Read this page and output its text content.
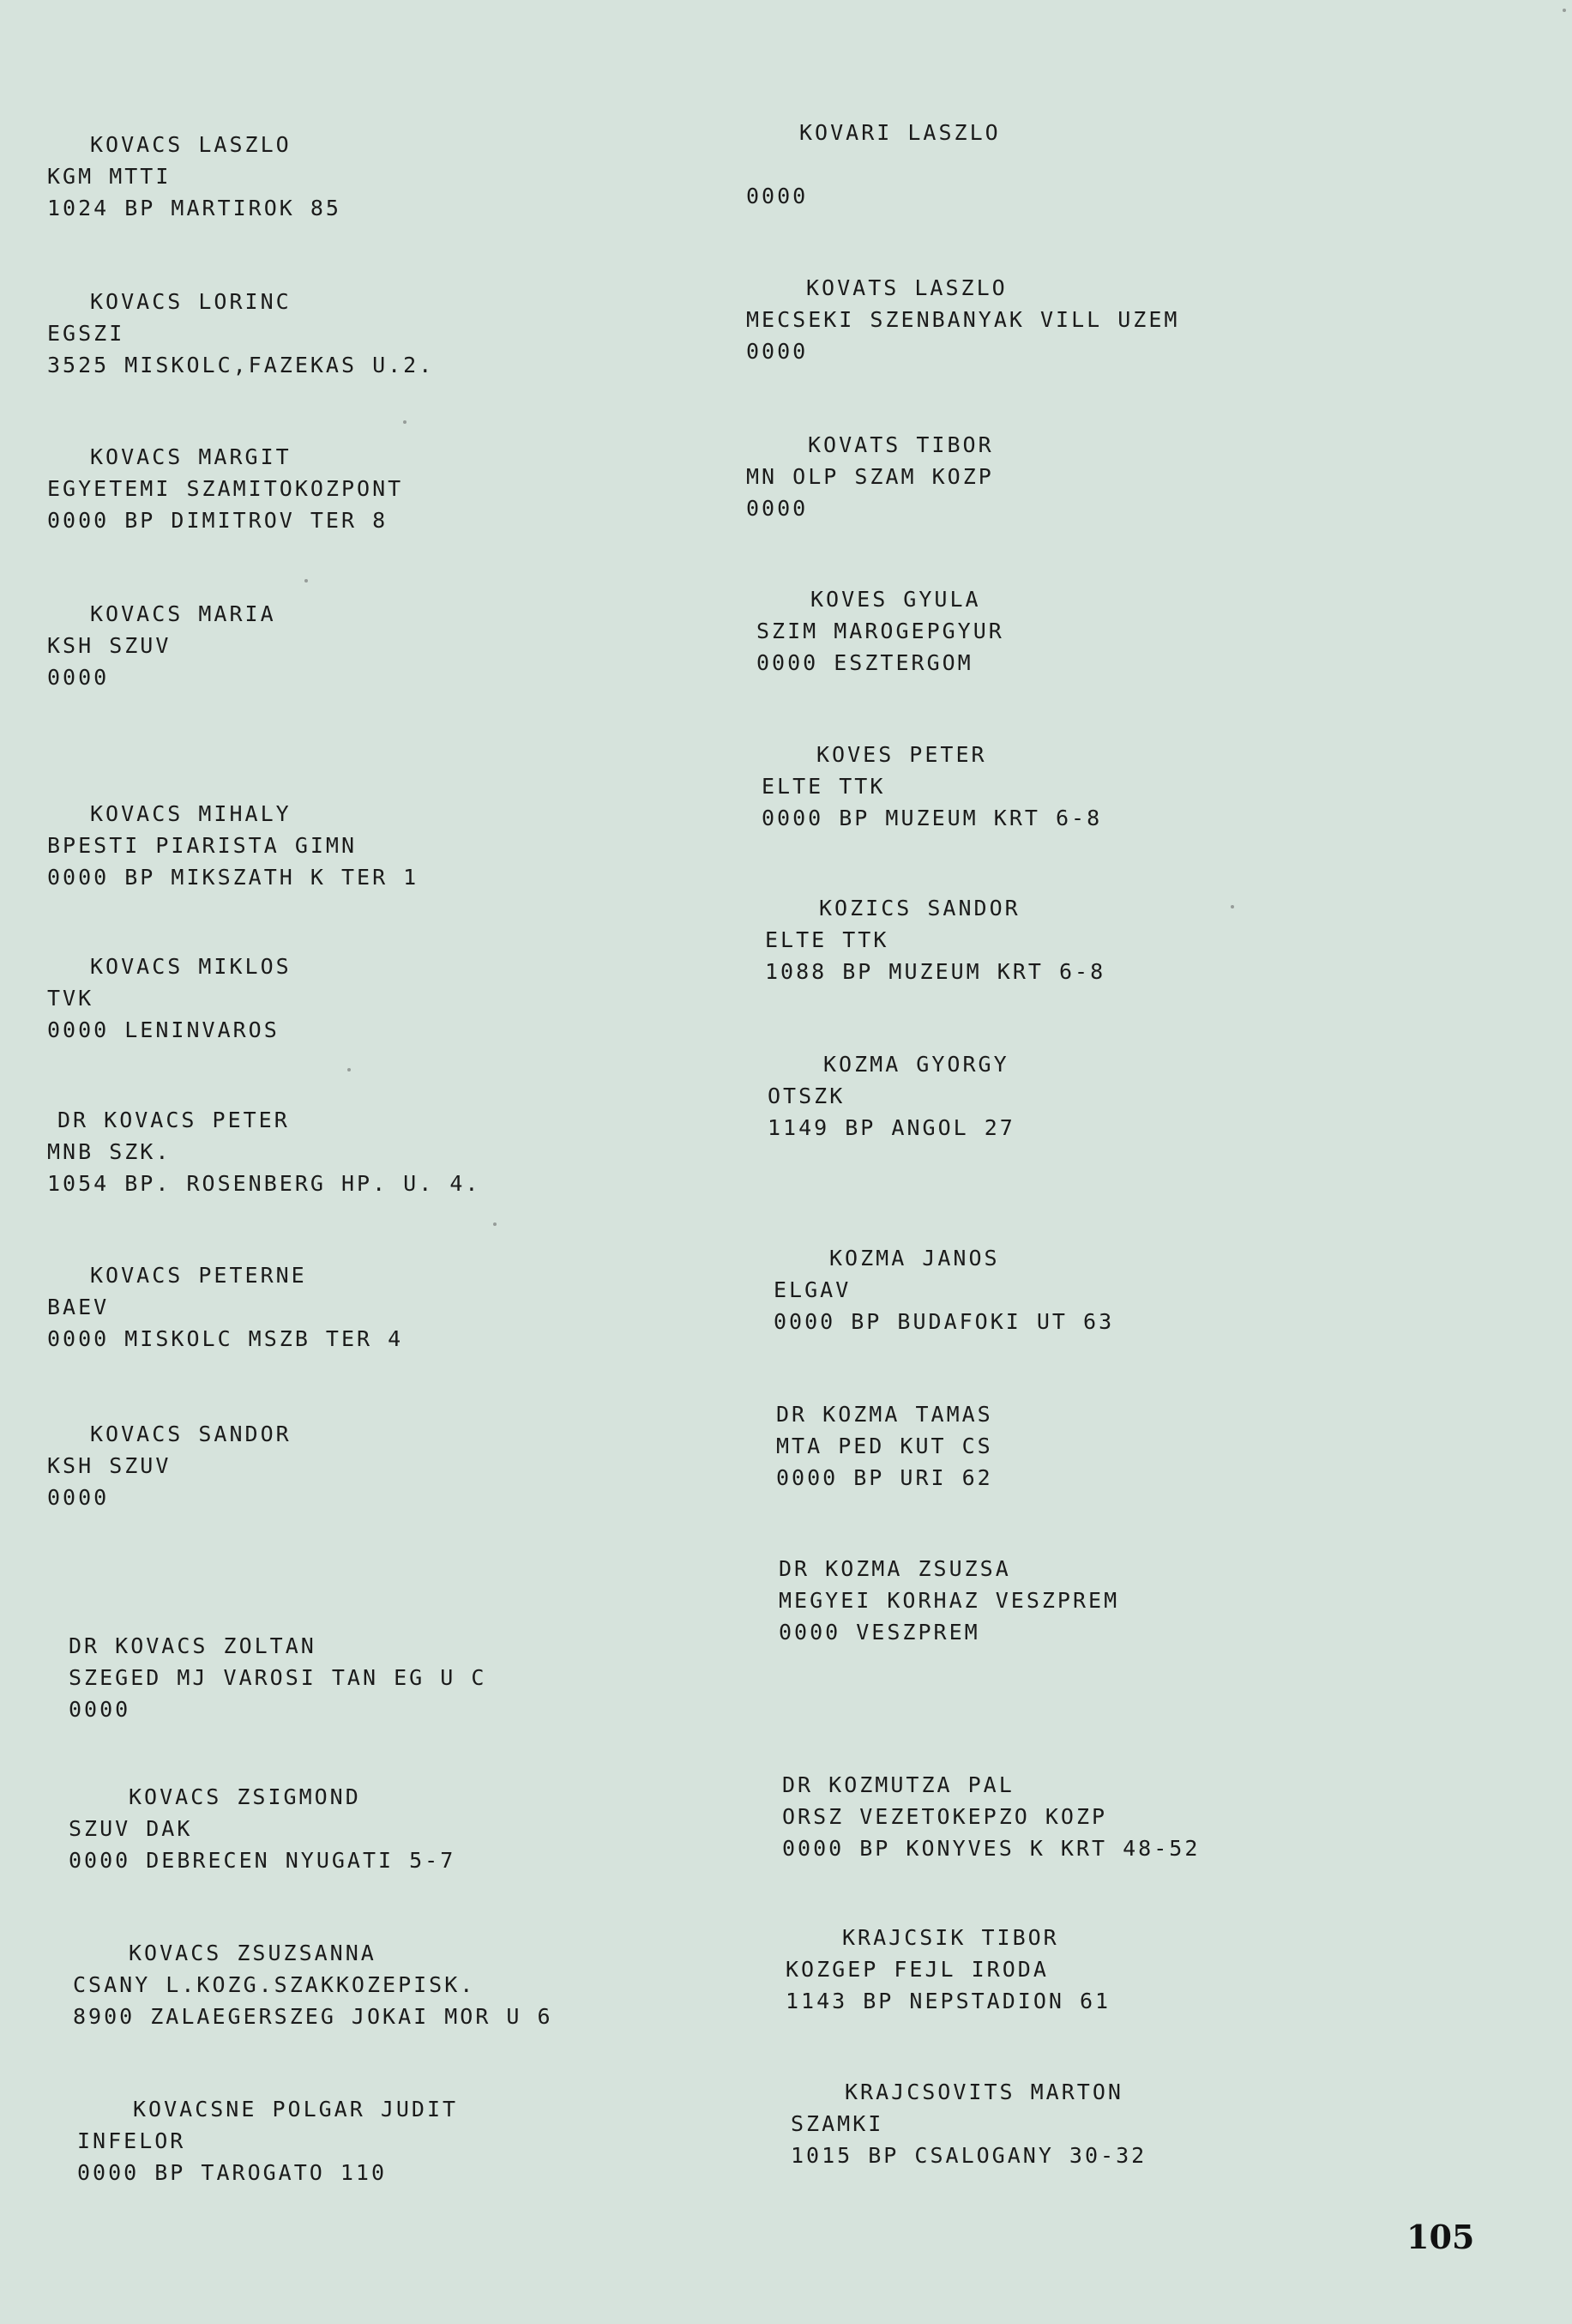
KOVACS LASZLO
KGM MTTI
1024 BP MARTIROK 85
KOVACS LORINC
EGSZI
3525 MISKOLC,FAZEKAS U.2.
KOVACS MARGIT
EGYETEMI SZAMITOKOZPONT
0000 BP DIMITROV TER 8
KOVACS MARIA
KSH SZUV
0000
KOVACS MIHALY
BPESTI PIARISTA GIMN
0000 BP MIKSZATH K TER 1
KOVACS MIKLOS
TVK
0000 LENINVAROS
DR KOVACS PETER
MNB SZK.
1054 BP. ROSENBERG HP. U. 4.
KOVACS PETERNE
BAEV
0000 MISKOLC MSZB TER 4
KOVACS SANDOR
KSH SZUV
0000
DR KOVACS ZOLTAN
SZEGED MJ VAROSI TAN EG U C
0000
KOVACS ZSIGMOND
SZUV DAK
0000 DEBRECEN NYUGATI 5-7
KOVACS ZSUZSANNA
CSANY L.KOZG.SZAKKOZEPISK.
8900 ZALAEGERSZEG JOKAI MOR U 6
KOVACSNE POLGAR JUDIT
INFELOR
0000 BP TAROGATO 110
KOVARI LASZLO
0000
KOVATS LASZLO
MECSEKI SZENBANYAK VILL UZEM
0000
KOVATS TIBOR
MN OLP SZAM KOZP
0000
KOVES GYULA
SZIM MAROGEPGYUR
0000 ESZTERGOM
KOVES PETER
ELTE TTK
0000 BP MUZEUM KRT 6-8
KOZICS SANDOR
ELTE TTK
1088 BP MUZEUM KRT 6-8
KOZMA GYORGY
OTSZK
1149 BP ANGOL 27
KOZMA JANOS
ELGAV
0000 BP BUDAFOKI UT 63
DR KOZMA TAMAS
MTA PED KUT CS
0000 BP URI 62
DR KOZMA ZSUZSA
MEGYEI KORHAZ VESZPREM
0000 VESZPREM
DR KOZMUTZA PAL
ORSZ VEZETOKEPZO KOZP
0000 BP KONYVES K KRT 48-52
KRAJCSIK TIBOR
KOZGEP FEJL IRODA
1143 BP NEPSTADION 61
KRAJCSOVITS MARTON
SZAMKI
1015 BP CSALOGANY 30-32
105
